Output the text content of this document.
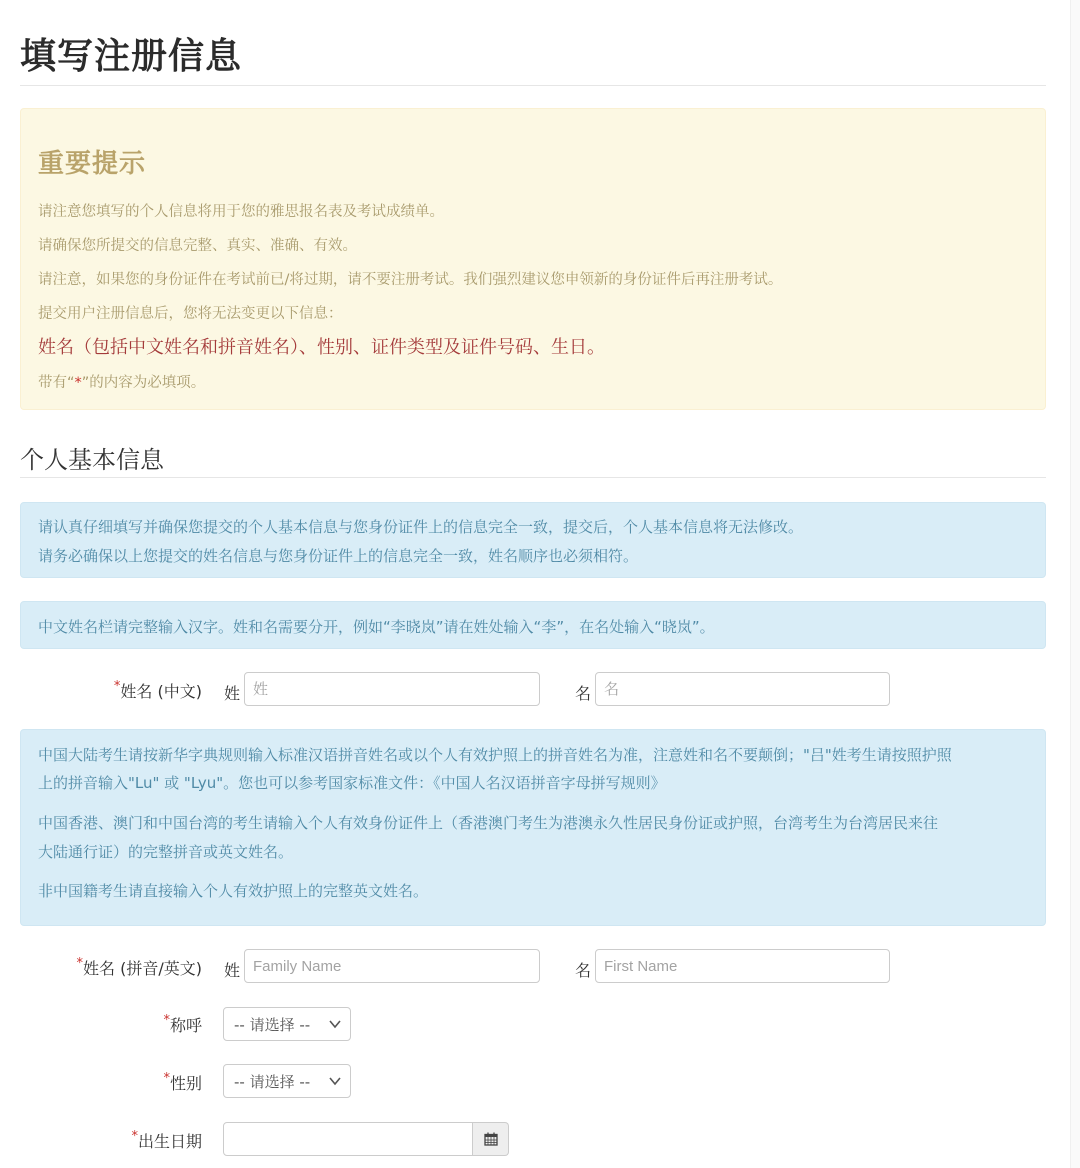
填写注册信息
重要提示
请注意您填写的个人信息将用于您的雅思报名表及考试成绩单。
请确保您所提交的信息完整、真实、准确、有效。
请注意，如果您的身份证件在考试前已/将过期，请不要注册考试。我们强烈建议您申领新的身份证件后再注册考试。
提交用户注册信息后，您将无法变更以下信息：
姓名（包括中文姓名和拼音姓名）、性别、证件类型及证件号码、生日。
带有“*”的内容为必填项。
个人基本信息
请认真仔细填写并确保您提交的个人基本信息与您身份证件上的信息完全一致，提交后，个人基本信息将无法修改。
请务必确保以上您提交的姓名信息与您身份证件上的信息完全一致，姓名顺序也必须相符。
中文姓名栏请完整输入汉字。姓和名需要分开，例如“李晓岚”请在姓处输入“李”，在名处输入“晓岚”。
*姓名 (中文) 姓
姓	名
名
中国大陆考生请按新华字典规则输入标准汉语拼音姓名或以个人有效护照上的拼音姓名为准，注意姓和名不要颠倒；"吕"姓考生请按照护照
上的拼音输入"Lu" 或 "Lyu"。您也可以参考国家标准文件：《中国人名汉语拼音字母拼写规则》
中国香港、澳门和中国台湾的考生请输入个人有效身份证件上（香港澳门考生为港澳永久性居民身份证或护照，台湾考生为台湾居民来往
大陆通行证）的完整拼音或英文姓名。
非中国籍考生请直接输入个人有效护照上的完整英文姓名。
*姓名 (拼音/英文) 姓
Family Name	名
First Name
*称呼 -- 请选择 --
*性别 -- 请选择 --
*出生日期
